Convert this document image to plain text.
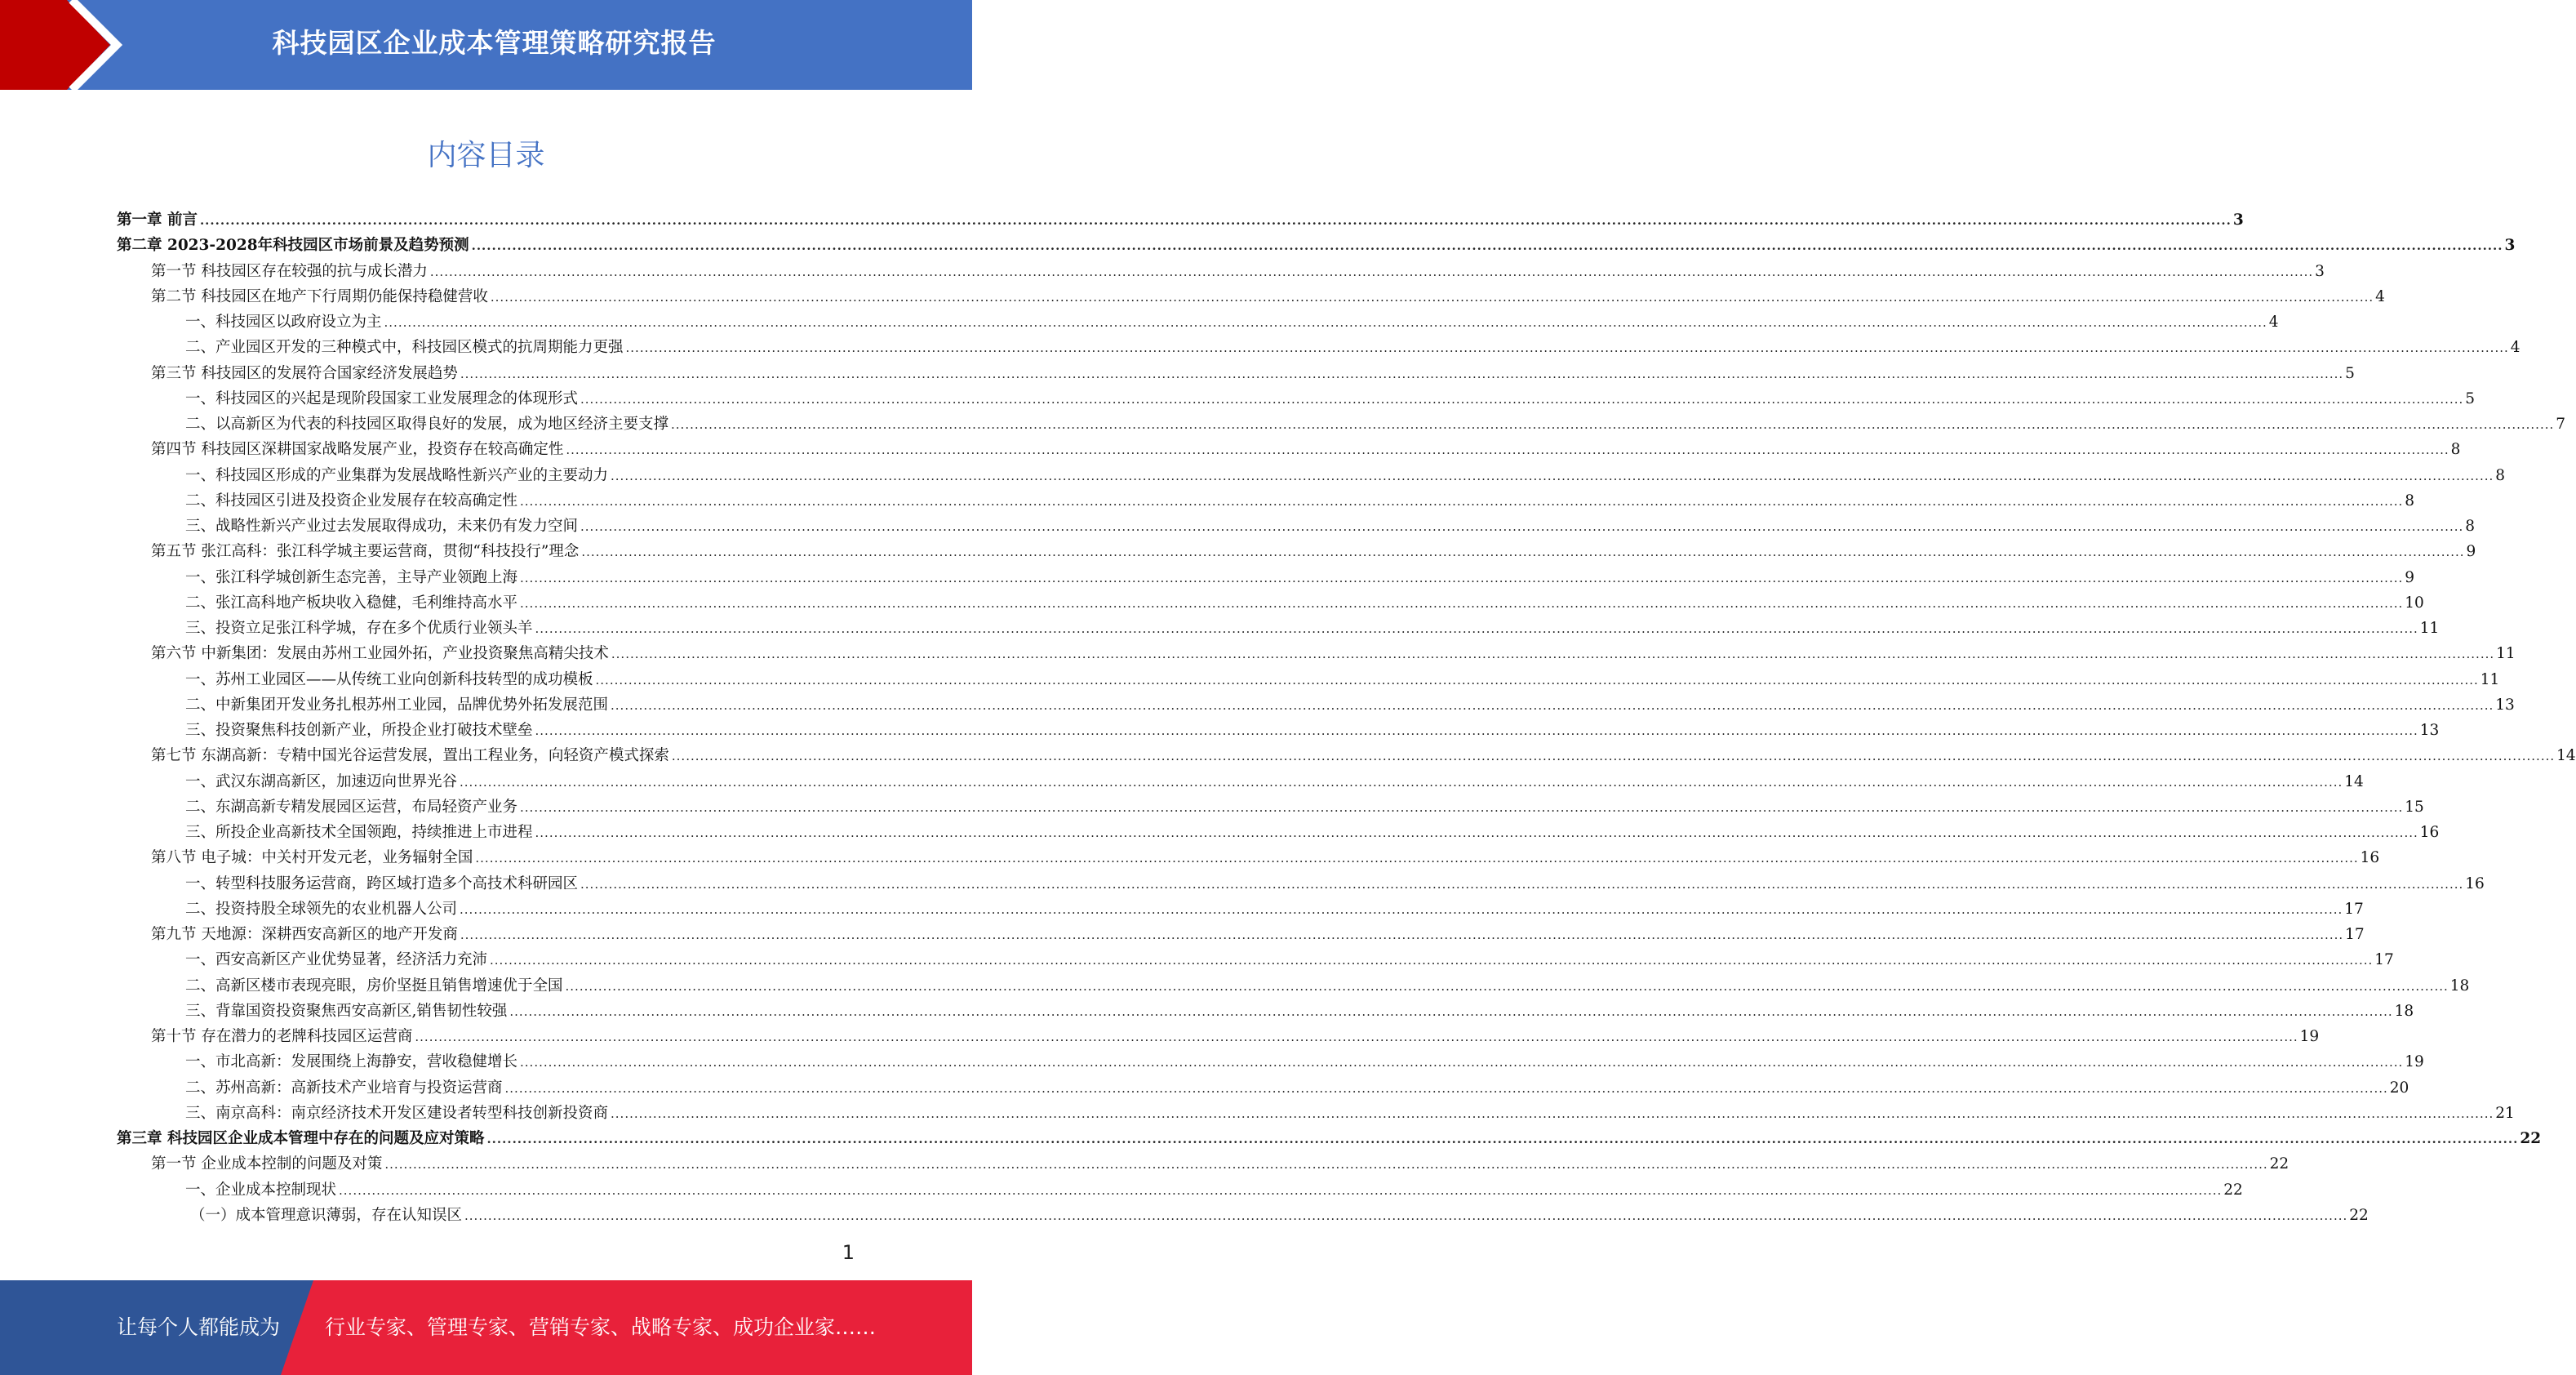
科技园区企业成本管理策略研究报告
内容目录
第一章 前言 ................................................................................................................................................................................................................................................................................................................................................................................................................ 3
第二章 2023-2028年科技园区市场前景及趋势预测 ................................................................................................................................................................................................................................................................................................................................................................................................................ 3
第一节 科技园区存在较强的抗与成长潜力 ................................................................................................................................................................................................................................................................................................................................................................................................................ 3
第二节 科技园区在地产下行周期仍能保持稳健营收 ................................................................................................................................................................................................................................................................................................................................................................................................................ 4
一、科技园区以政府设立为主 ................................................................................................................................................................................................................................................................................................................................................................................................................ 4
二、产业园区开发的三种模式中，科技园区模式的抗周期能力更强 ................................................................................................................................................................................................................................................................................................................................................................................................................ 4
第三节 科技园区的发展符合国家经济发展趋势 ................................................................................................................................................................................................................................................................................................................................................................................................................ 5
一、科技园区的兴起是现阶段国家工业发展理念的体现形式 ................................................................................................................................................................................................................................................................................................................................................................................................................ 5
二、以高新区为代表的科技园区取得良好的发展，成为地区经济主要支撑 ................................................................................................................................................................................................................................................................................................................................................................................................................ 7
第四节 科技园区深耕国家战略发展产业，投资存在较高确定性 ................................................................................................................................................................................................................................................................................................................................................................................................................ 8
一、科技园区形成的产业集群为发展战略性新兴产业的主要动力 ................................................................................................................................................................................................................................................................................................................................................................................................................ 8
二、科技园区引进及投资企业发展存在较高确定性 ................................................................................................................................................................................................................................................................................................................................................................................................................ 8
三、战略性新兴产业过去发展取得成功，未来仍有发力空间 ................................................................................................................................................................................................................................................................................................................................................................................................................ 8
第五节 张江高科：张江科学城主要运营商，贯彻“科技投行”理念 ................................................................................................................................................................................................................................................................................................................................................................................................................ 9
一、张江科学城创新生态完善，主导产业领跑上海 ................................................................................................................................................................................................................................................................................................................................................................................................................ 9
二、张江高科地产板块收入稳健，毛利维持高水平 ................................................................................................................................................................................................................................................................................................................................................................................................................ 10
三、投资立足张江科学城，存在多个优质行业领头羊 ................................................................................................................................................................................................................................................................................................................................................................................................................ 11
第六节 中新集团：发展由苏州工业园外拓，产业投资聚焦高精尖技术 ................................................................................................................................................................................................................................................................................................................................................................................................................ 11
一、苏州工业园区——从传统工业向创新科技转型的成功模板 ................................................................................................................................................................................................................................................................................................................................................................................................................ 11
二、中新集团开发业务扎根苏州工业园，品牌优势外拓发展范围 ................................................................................................................................................................................................................................................................................................................................................................................................................ 13
三、投资聚焦科技创新产业，所投企业打破技术壁垒 ................................................................................................................................................................................................................................................................................................................................................................................................................ 13
第七节 东湖高新：专精中国光谷运营发展，置出工程业务，向轻资产模式探索 ................................................................................................................................................................................................................................................................................................................................................................................................................ 14
一、武汉东湖高新区，加速迈向世界光谷 ................................................................................................................................................................................................................................................................................................................................................................................................................ 14
二、东湖高新专精发展园区运营，布局轻资产业务 ................................................................................................................................................................................................................................................................................................................................................................................................................ 15
三、所投企业高新技术全国领跑，持续推进上市进程 ................................................................................................................................................................................................................................................................................................................................................................................................................ 16
第八节 电子城：中关村开发元老，业务辐射全国 ................................................................................................................................................................................................................................................................................................................................................................................................................ 16
一、转型科技服务运营商，跨区域打造多个高技术科研园区 ................................................................................................................................................................................................................................................................................................................................................................................................................ 16
二、投资持股全球领先的农业机器人公司 ................................................................................................................................................................................................................................................................................................................................................................................................................ 17
第九节 天地源：深耕西安高新区的地产开发商 ................................................................................................................................................................................................................................................................................................................................................................................................................ 17
一、西安高新区产业优势显著，经济活力充沛 ................................................................................................................................................................................................................................................................................................................................................................................................................ 17
二、高新区楼市表现亮眼，房价坚挺且销售增速优于全国 ................................................................................................................................................................................................................................................................................................................................................................................................................ 18
三、背靠国资投资聚焦西安高新区,销售韧性较强 ................................................................................................................................................................................................................................................................................................................................................................................................................ 18
第十节 存在潜力的老牌科技园区运营商 ................................................................................................................................................................................................................................................................................................................................................................................................................ 19
一、市北高新：发展围绕上海静安，营收稳健增长 ................................................................................................................................................................................................................................................................................................................................................................................................................ 19
二、苏州高新：高新技术产业培育与投资运营商 ................................................................................................................................................................................................................................................................................................................................................................................................................ 20
三、南京高科：南京经济技术开发区建设者转型科技创新投资商 ................................................................................................................................................................................................................................................................................................................................................................................................................ 21
第三章 科技园区企业成本管理中存在的问题及应对策略 ................................................................................................................................................................................................................................................................................................................................................................................................................ 22
第一节 企业成本控制的问题及对策 ................................................................................................................................................................................................................................................................................................................................................................................................................ 22
一、企业成本控制现状 ................................................................................................................................................................................................................................................................................................................................................................................................................ 22
（一）成本管理意识薄弱，存在认知误区 ................................................................................................................................................................................................................................................................................................................................................................................................................ 22
1
让每个人都能成为 行业专家、管理专家、营销专家、战略专家、成功企业家……
